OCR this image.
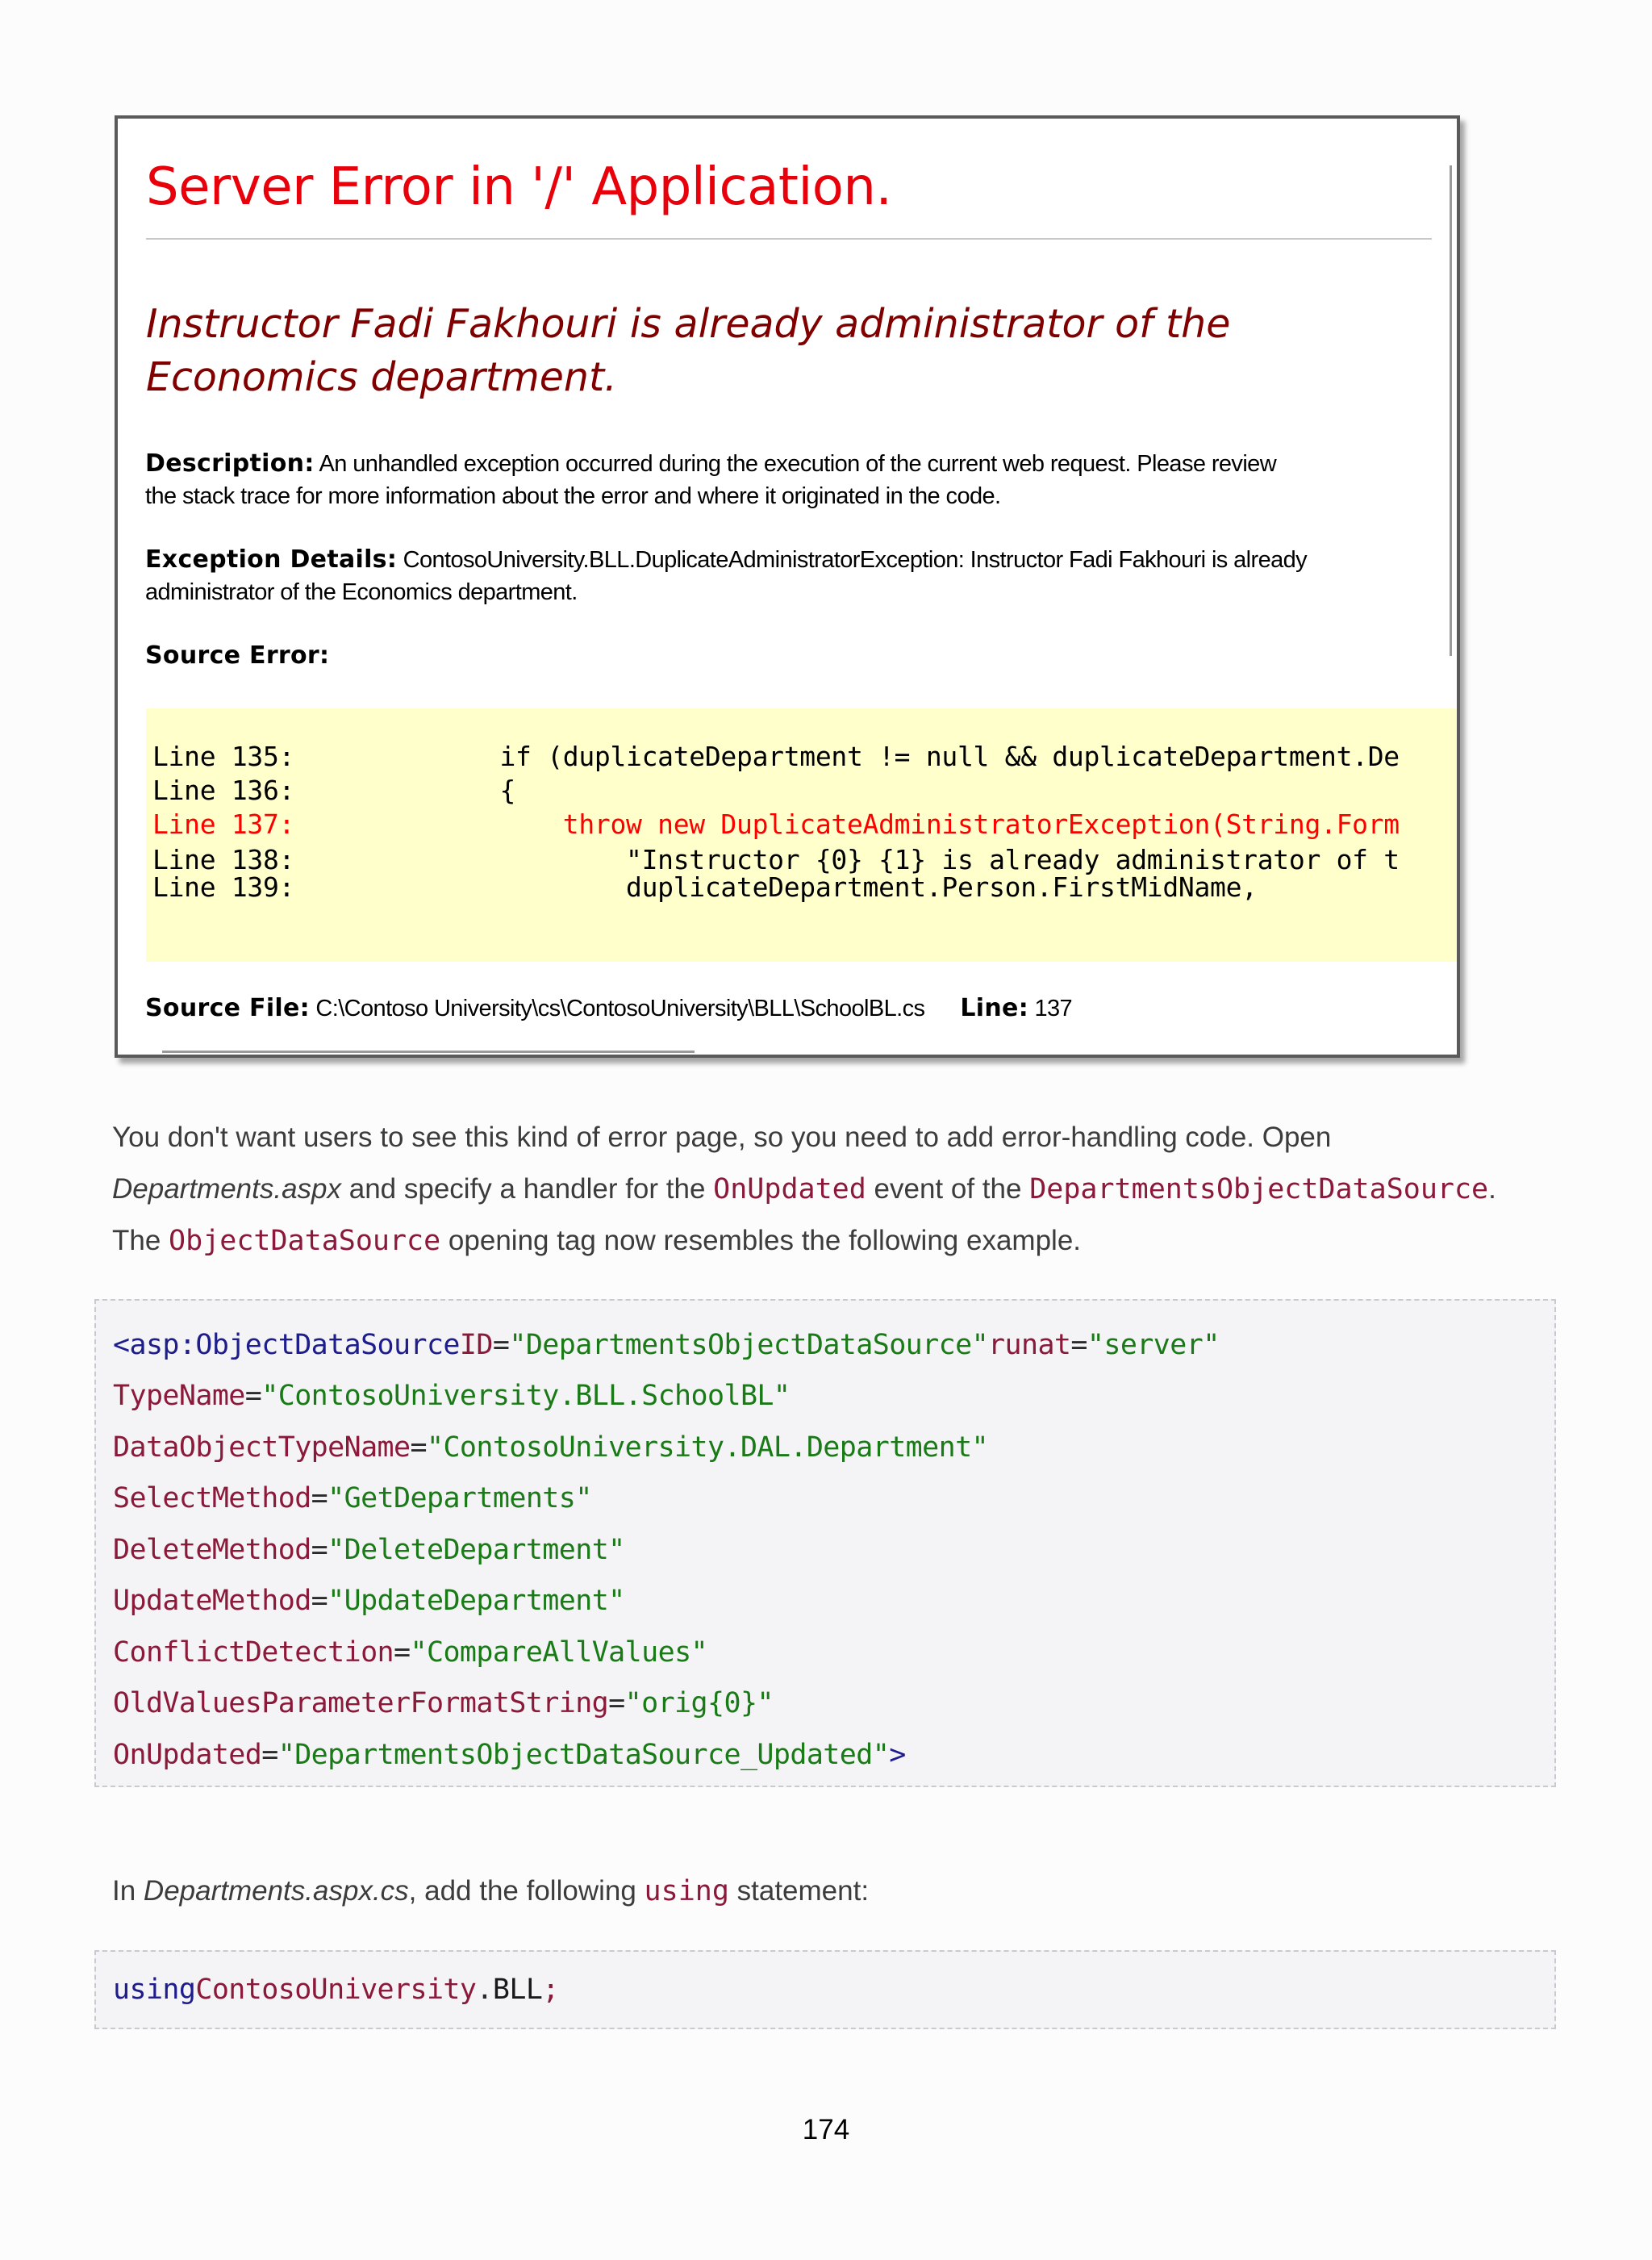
Server Error in '/' Application.
Instructor Fadi Fakhouri is already administrator of the
Economics department.
Description: An unhandled exception occurred during the execution of the current web request. Please review
the stack trace for more information about the error and where it originated in the code.
Exception Details: ContosoUniversity.BLL.DuplicateAdministratorException: Instructor Fadi Fakhouri is already
administrator of the Economics department.
Source Error:
Line 135:             if (duplicateDepartment != null && duplicateDepartment.De
Line 136:             {
Line 137:                 throw new DuplicateAdministratorException(String.Form
Line 138:                     "Instructor {0} {1} is already administrator of t
Line 139:                     duplicateDepartment.Person.FirstMidName,
Source File: C:\Contoso University\cs\ContosoUniversity\BLL\SchoolBL.cs Line: 137
You don't want users to see this kind of error page, so you need to add error-handling code. Open
Departments.aspx and specify a handler for the OnUpdated event of the DepartmentsObjectDataSource.
The ObjectDataSource opening tag now resembles the following example.
<asp:ObjectDataSourceID="DepartmentsObjectDataSource"runat="server"
TypeName="ContosoUniversity.BLL.SchoolBL"
DataObjectTypeName="ContosoUniversity.DAL.Department"
SelectMethod="GetDepartments"
DeleteMethod="DeleteDepartment"
UpdateMethod="UpdateDepartment"
ConflictDetection="CompareAllValues"
OldValuesParameterFormatString="orig{0}"
OnUpdated="DepartmentsObjectDataSource_Updated">
In Departments.aspx.cs, add the following using statement:
usingContosoUniversity.BLL;
174
